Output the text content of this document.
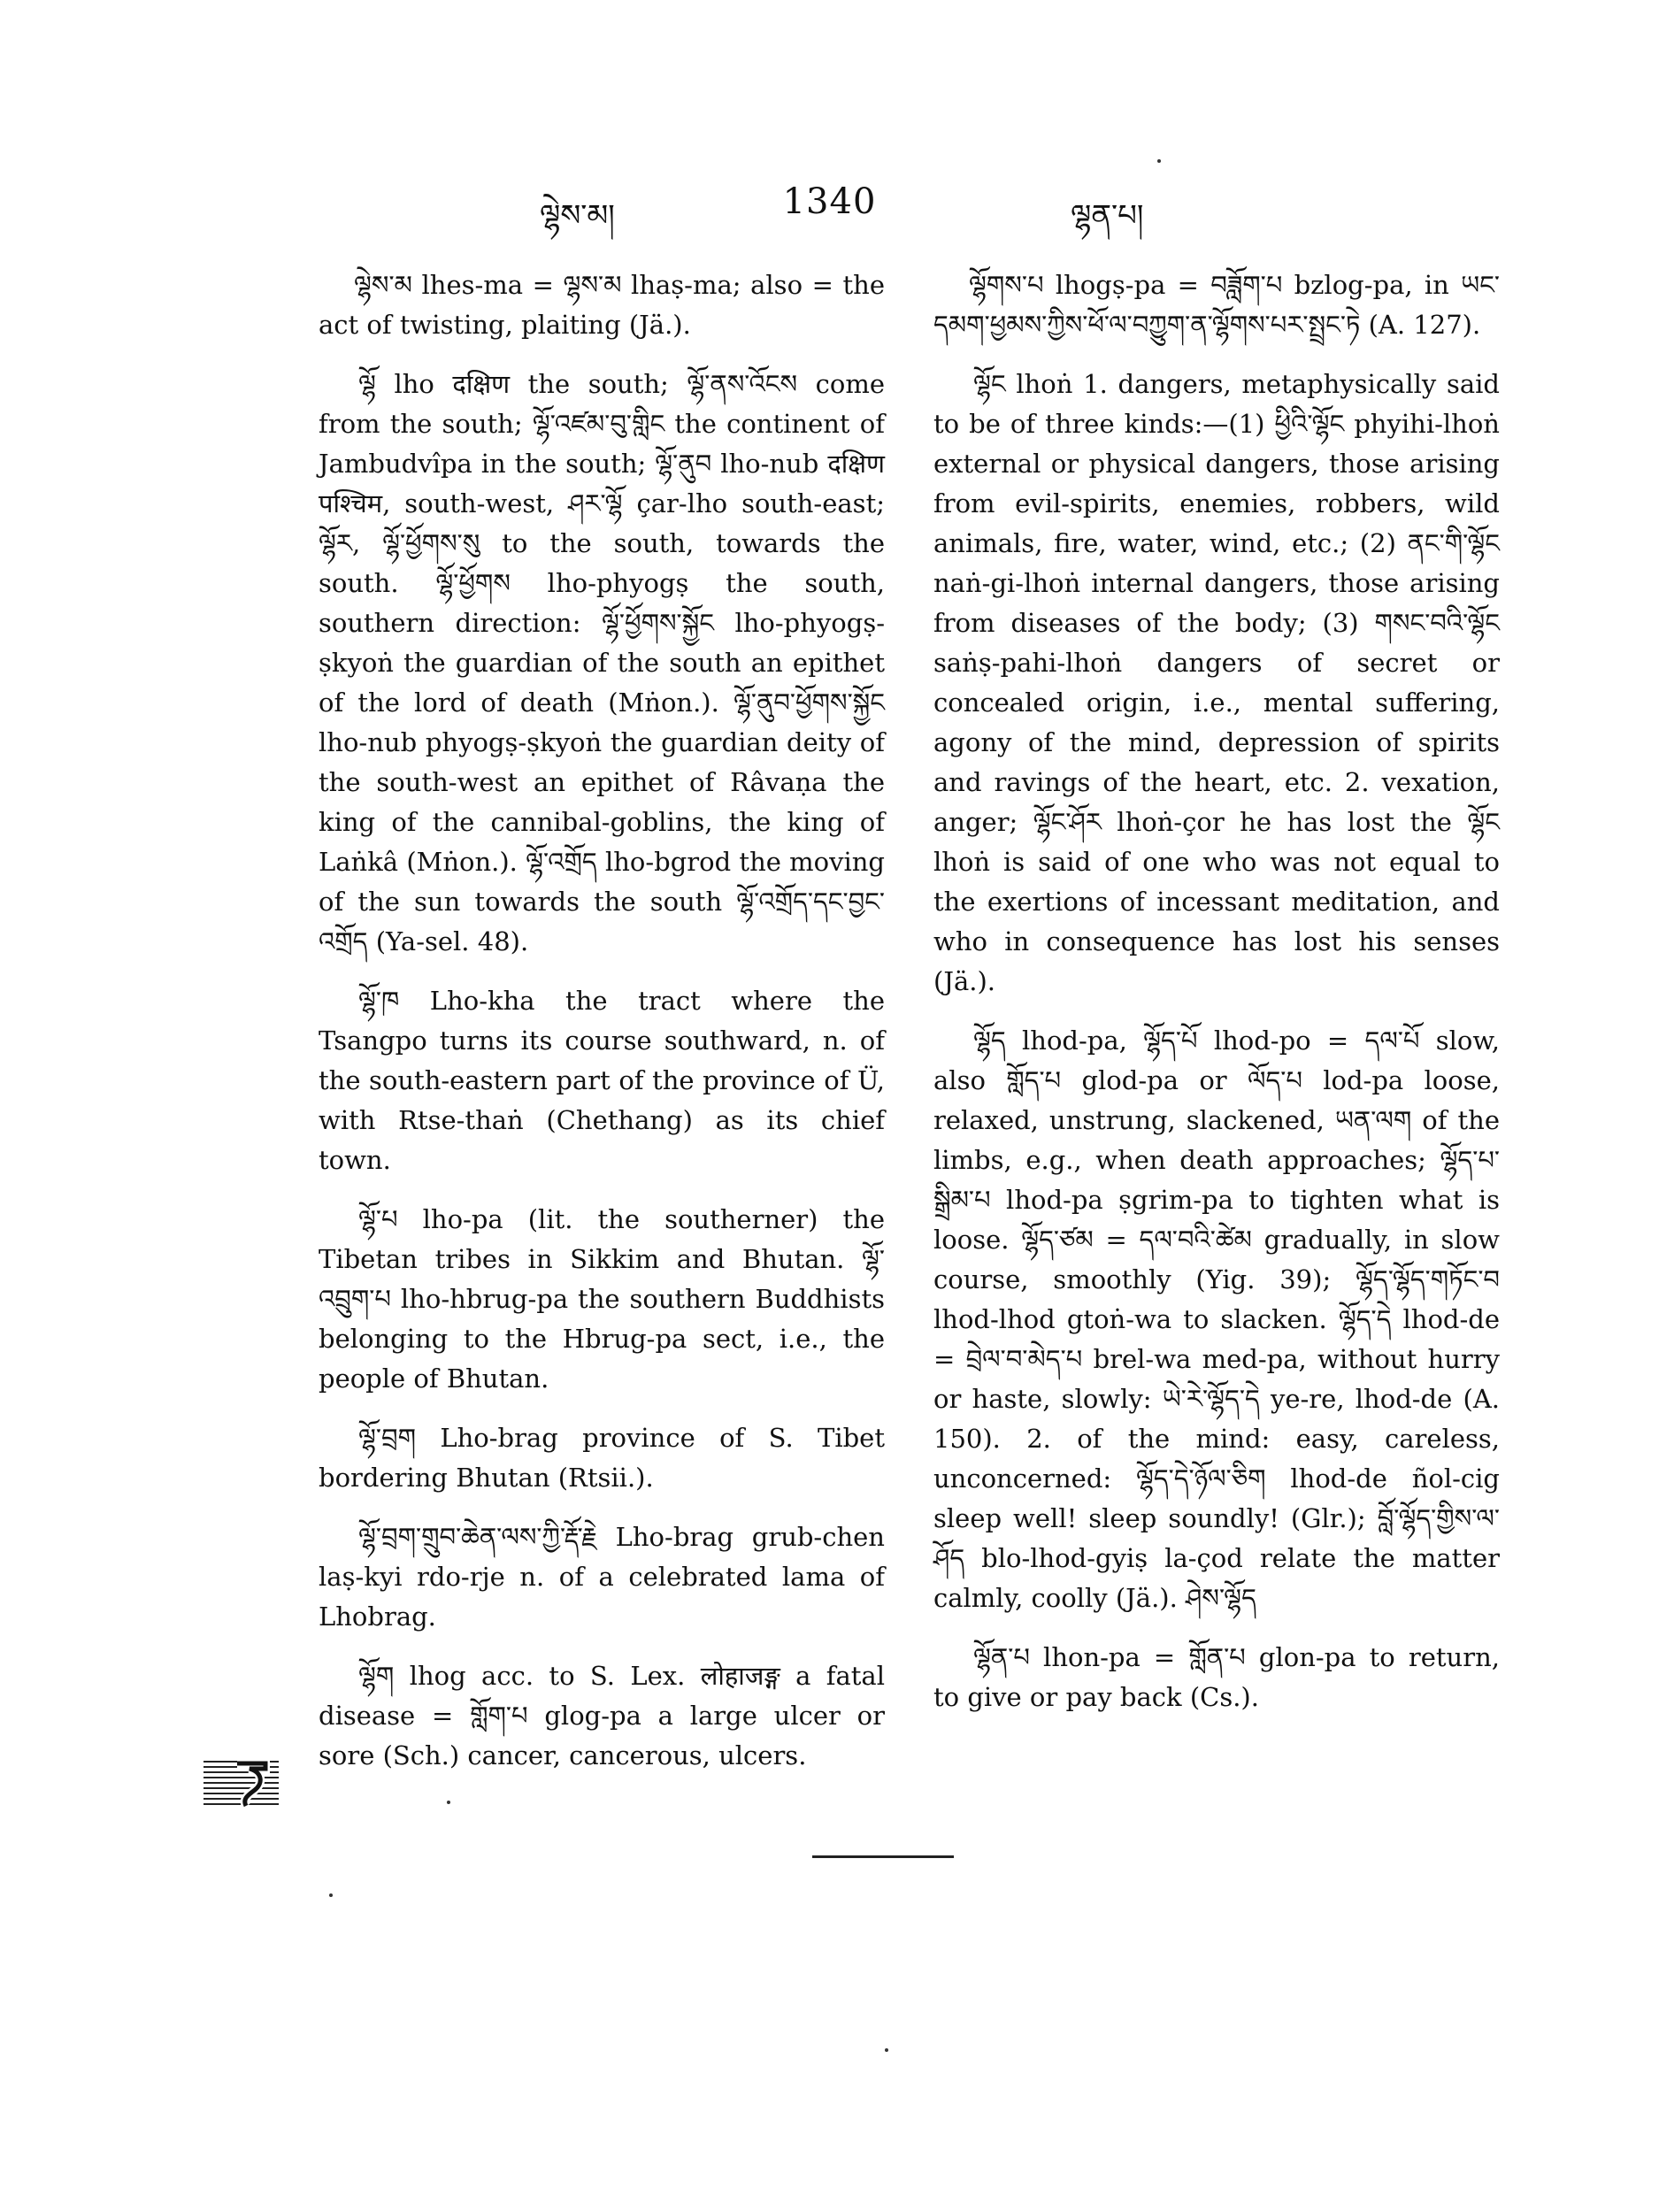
ལྷེས་མ།	1340	ལྷན་པ།

ལྷེས་མ lhes-ma = ལྷས་མ lhaṣ-ma; also = the act of twisting, plaiting (Jä.).

ལྷོ lho दक्षिण the south; ལྷོ་ནས་འོངས come from the south; ལྷོ་འཛམ་བུ་གླིང the continent of Jambudvîpa in the south; ལྷོ་ནུབ lho-nub दक्षिण पश्चिम, south-west, ཤར་ལྷོ çar-lho south-east; ལྷོར, ལྷོ་ཕྱོགས་སུ to the south, towards the south. ལྷོ་ཕྱོགས lho-phyogṣ the south, southern direction: ལྷོ་ཕྱོགས་སྐྱོང lho-phyogṣ-ṣkyoṅ the guardian of the south an epithet of the lord of death (Mṅon.). ལྷོ་ནུབ་ཕྱོགས་སྐྱོང lho-nub phyogṣ-ṣkyoṅ the guardian deity of the south-west an epithet of Râvaṇa the king of the cannibal-goblins, the king of Laṅkâ (Mṅon.). ལྷོ་འགྲོད lho-bgrod the moving of the sun towards the south ལྷོ་འགྲོད་དང་བྱང་འགྲོད (Ya-sel. 48).

ལྷོ་ཁ Lho-kha the tract where the Tsangpo turns its course southward, n. of the south-eastern part of the province of Ü, with Rtse-thaṅ (Chethang) as its chief town.

ལྷོ་པ lho-pa (lit. the southerner) the Tibetan tribes in Sikkim and Bhutan. ལྷོ་འབྲུག་པ lho-hbrug-pa the southern Buddhists belonging to the Hbrug-pa sect, i.e., the people of Bhutan.

ལྷོ་བྲག Lho-brag province of S. Tibet bordering Bhutan (Rtsii.).

ལྷོ་བྲག་གྲུབ་ཆེན་ལས་ཀྱི་རྡོ་རྗེ Lho-brag grub-chen laṣ-kyi rdo-rje n. of a celebrated lama of Lhobrag.

ལྷོག lhog acc. to S. Lex. लोहाजङ्ग a fatal disease = གློག་པ glog-pa a large ulcer or sore (Sch.) cancer, cancerous, ulcers.

ལྷོགས་པ lhogṣ-pa = བཟློག་པ bzlog-pa, in ཡང་དམག་ཕྱམས་ཀྱིས་ཕོ་ལ་བཀྱུག་ན་ལྷོགས་པར་སྤྲང་ཏེ (A. 127).

ལྷོང lhoṅ 1. dangers, metaphysically said to be of three kinds:—(1) ཕྱིའི་ལྷོང phyihi-lhoṅ external or physical dangers, those arising from evil-spirits, enemies, robbers, wild animals, fire, water, wind, etc.; (2) ནང་གི་ལྷོང naṅ-gi-lhoṅ internal dangers, those arising from diseases of the body; (3) གསང་བའི་ལྷོང saṅṣ-pahi-lhoṅ dangers of secret or concealed origin, i.e., mental suffering, agony of the mind, depression of spirits and ravings of the heart, etc. 2. vexation, anger; ལྷོང་ཤོར lhoṅ-çor he has lost the ལྷོང lhoṅ is said of one who was not equal to the exertions of incessant meditation, and who in consequence has lost his senses (Jä.).

ལྷོད lhod-pa, ལྷོད་པོ lhod-po = དལ་པོ slow, also གློད་པ glod-pa or ལོད་པ lod-pa loose, relaxed, unstrung, slackened, ཡན་ལག of the limbs, e.g., when death approaches; ལྷོད་པ་སྒྲིམ་པ lhod-pa ṣgrim-pa to tighten what is loose. ལྷོད་ཙམ = དལ་བའི་ཚེམ gradually, in slow course, smoothly (Yig. 39); ལྷོད་ལྷོད་གཏོང་བ lhod-lhod gtoṅ-wa to slacken. ལྷོད་དེ lhod-de = བྲེལ་བ་མེད་པ brel-wa med-pa, without hurry or haste, slowly: ཡེ་རེ་ལྷོད་དེ ye-re, lhod-de (A. 150). 2. of the mind: easy, careless, unconcerned: ལྷོད་དེ་ཉོལ་ཅིག lhod-de ñol-cig sleep well! sleep soundly! (Glr.); བློ་ལྷོད་གྱིས་ལ་ཤོད blo-lhod-gyiṣ la-çod relate the matter calmly, coolly (Jä.). ཤེས་ལྷོད

ལྷོན་པ lhon-pa = གློན་པ glon-pa to return, to give or pay back (Cs.).
